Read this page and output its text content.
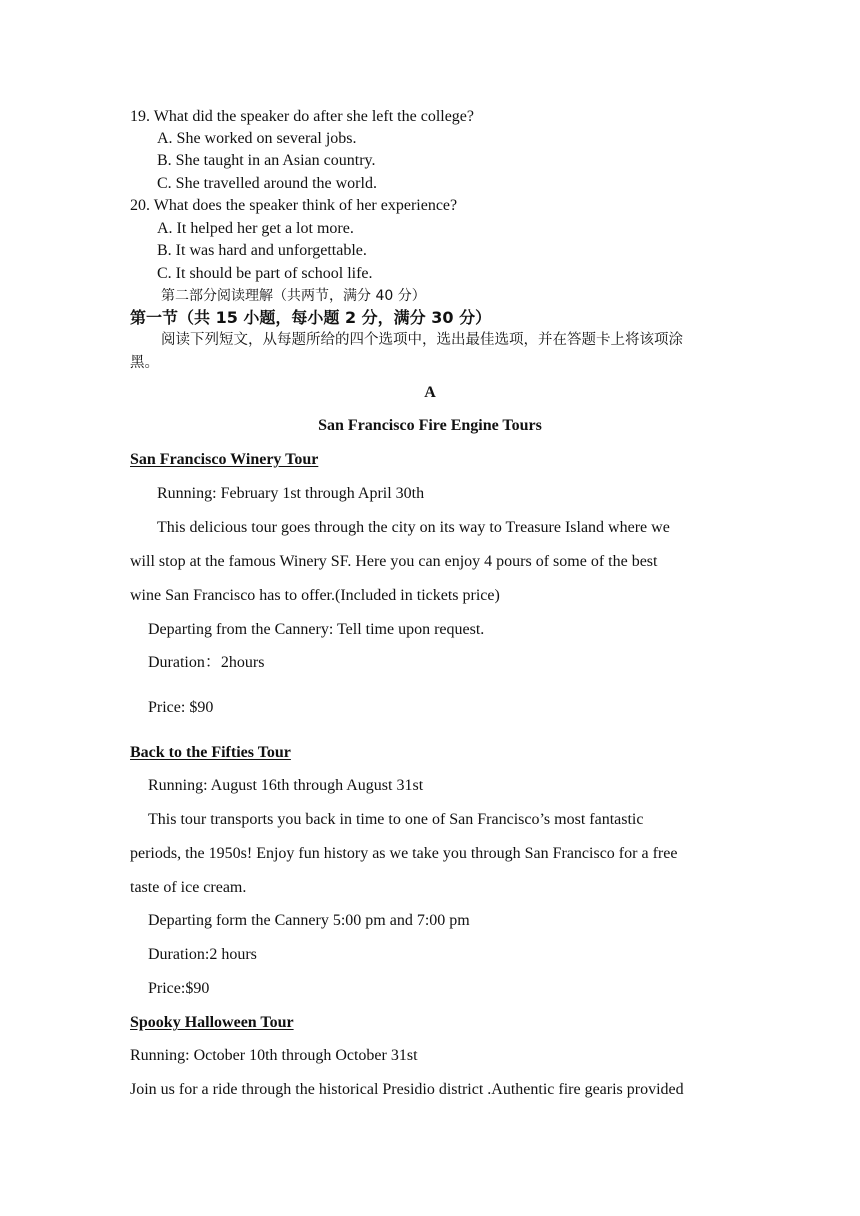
19. What did the speaker do after she left the college?
A. She worked on several jobs.
B. She taught in an Asian country.
C. She travelled around the world.
20. What does the speaker think of her experience?
A. It helped her get a lot more.
B. It was hard and unforgettable.
C. It should be part of school life.
第二部分阅读理解（共两节，满分 40 分）
第一节（共 15 小题，每小题 2 分，满分 30 分）
阅读下列短文，从每题所给的四个选项中，选出最佳选项，并在答题卡上将该项涂
黑。
A
San Francisco Fire Engine Tours
San Francisco Winery Tour
Running: February 1st through April 30th
This delicious tour goes through the city on its way to Treasure Island where we
will stop at the famous Winery SF. Here you can enjoy 4 pours of some of the best
wine San Francisco has to offer.(Included in tickets price)
Departing from the Cannery: Tell time upon request.
Duration：2hours
Price: $90
Back to the Fifties Tour
Running: August 16th through August 31st
This tour transports you back in time to one of San Francisco’s most fantastic
periods, the 1950s! Enjoy fun history as we take you through San Francisco for a free
taste of ice cream.
Departing form the Cannery 5:00 pm and 7:00 pm
Duration:2 hours
Price:$90
Spooky Halloween Tour
Running: October 10th through October 31st
Join us for a ride through the historical Presidio district .Authentic fire gearis provided
